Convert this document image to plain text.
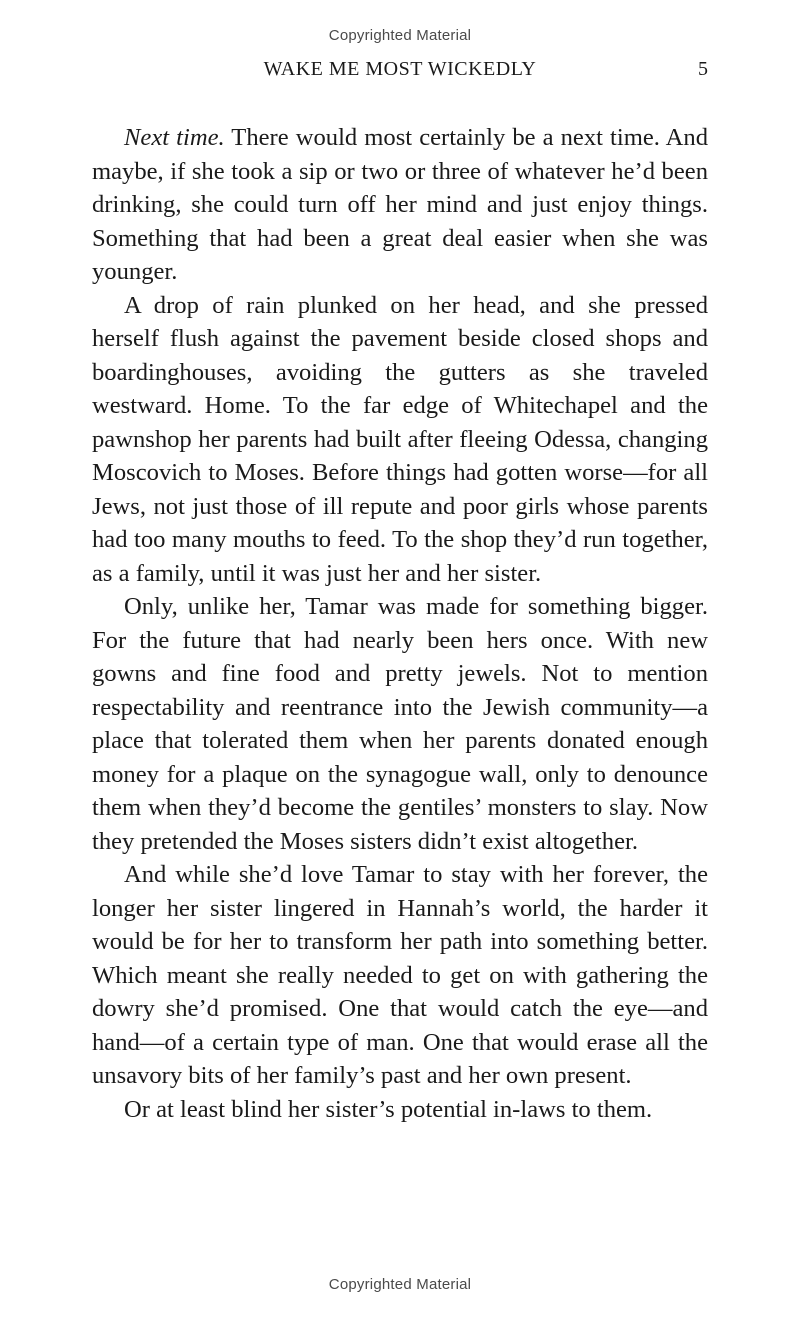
Copyrighted Material
WAKE ME MOST WICKEDLY	5

Next time. There would most certainly be a next time. And maybe, if she took a sip or two or three of whatever he’d been drinking, she could turn off her mind and just enjoy things. Something that had been a great deal easier when she was younger.

A drop of rain plunked on her head, and she pressed herself flush against the pavement beside closed shops and boardinghouses, avoiding the gutters as she traveled westward. Home. To the far edge of Whitechapel and the pawnshop her parents had built after fleeing Odessa, changing Moscovich to Moses. Before things had gotten worse—for all Jews, not just those of ill repute and poor girls whose parents had too many mouths to feed. To the shop they’d run together, as a family, until it was just her and her sister.

Only, unlike her, Tamar was made for something bigger. For the future that had nearly been hers once. With new gowns and fine food and pretty jewels. Not to mention respectability and reentrance into the Jewish community—a place that tolerated them when her parents donated enough money for a plaque on the synagogue wall, only to denounce them when they’d become the gentiles’ monsters to slay. Now they pretended the Moses sisters didn’t exist altogether.

And while she’d love Tamar to stay with her forever, the longer her sister lingered in Hannah’s world, the harder it would be for her to transform her path into something better. Which meant she really needed to get on with gathering the dowry she’d promised. One that would catch the eye—and hand—of a certain type of man. One that would erase all the unsavory bits of her family’s past and her own present.

Or at least blind her sister’s potential in-laws to them.

Copyrighted Material
